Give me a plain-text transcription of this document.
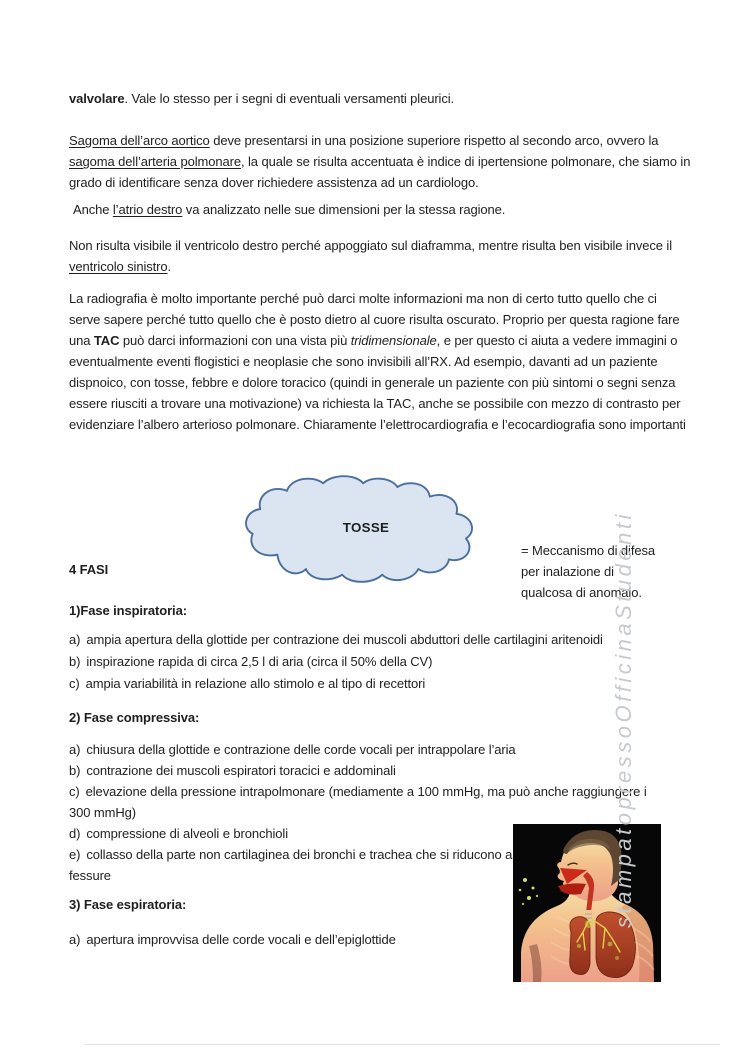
valvolare. Vale lo stesso per i segni di eventuali versamenti pleurici.

Sagoma dell’arco aortico deve presentarsi in una posizione superiore rispetto al secondo arco, ovvero la sagoma dell’arteria polmonare, la quale se risulta accentuata è indice di ipertensione polmonare, che siamo in grado di identificare senza dover richiedere assistenza ad un cardiologo.

Anche l’atrio destro va analizzato nelle sue dimensioni per la stessa ragione.

Non risulta visibile il ventricolo destro perché appoggiato sul diaframma, mentre risulta ben visibile invece il ventricolo sinistro.

La radiografia è molto importante perché può darci molte informazioni ma non di certo tutto quello che ci serve sapere perché tutto quello che è posto dietro al cuore risulta oscurato. Proprio per questa ragione fare una TAC può darci informazioni con una vista più tridimensionale, e per questo ci aiuta a vedere immagini o eventualmente eventi flogistici e neoplasie che sono invisibili all’RX. Ad esempio, davanti ad un paziente dispnoico, con tosse, febbre e dolore toracico (quindi in generale un paziente con più sintomi o segni senza essere riusciti a trovare una motivazione) va richiesta la TAC, anche se possibile con mezzo di contrasto per evidenziare l’albero arterioso polmonare. Chiaramente l’elettrocardiografia e l’ecocardiografia sono importanti

TOSSE
= Meccanismo di difesa
per inalazione di
qualcosa di anomalo.
4 FASI
1)Fase inspiratoria:
a) ampia apertura della glottide per contrazione dei muscoli abduttori delle cartilagini aritenoidi
b) inspirazione rapida di circa 2,5 l di aria (circa il 50% della CV)
c) ampia variabilità in relazione allo stimolo e al tipo di recettori
2) Fase compressiva:
a) chiusura della glottide e contrazione delle corde vocali per intrappolare l’aria
b) contrazione dei muscoli espiratori toracici e addominali
c) elevazione della pressione intrapolmonare (mediamente a 100 mmHg, ma può anche raggiungere i 300 mmHg)
d) compressione di alveoli e bronchioli
e) collasso della parte non cartilaginea dei bronchi e trachea che si riducono a fessure
3) Fase espiratoria:
a) apertura improvvisa delle corde vocali e dell’epiglottide
stampatopressoOfficinaStudenti
